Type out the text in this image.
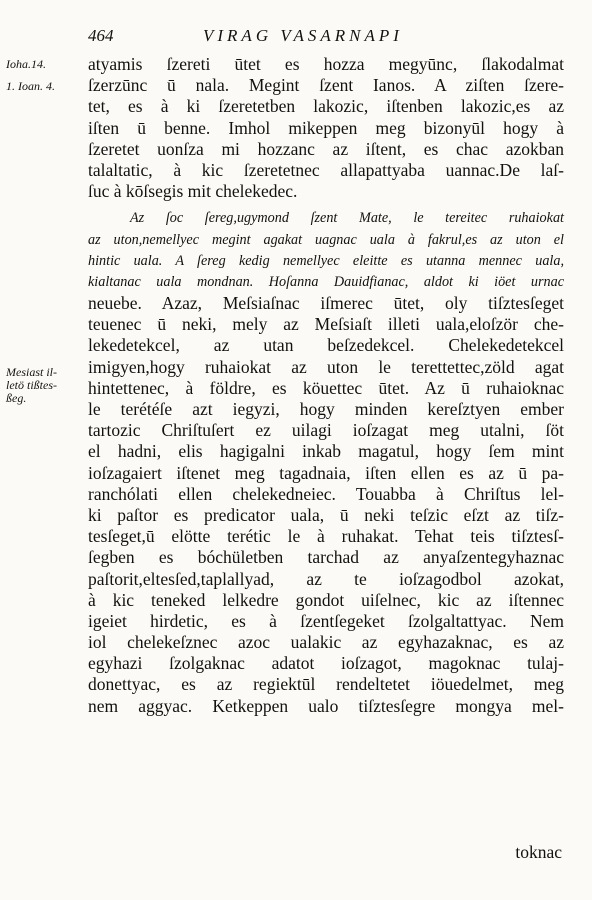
464	VIRAG VASARNAPI
Ioha.14.
1. Ioan. 4.
Mesiast il-
letö tißtes-
ßeg.
atyamis ſzereti ūtet es hozza megyūnc, ſlakodalmat
ſzerzūnc ū nala. Megint ſzent Ianos. A ziſten ſzere-
tet, es à ki ſzeretetben lakozic, iſtenben lakozic,es az
iſten ū benne. Imhol mikeppen meg bizonyūl hogy à
ſzeretet uonſza mi hozzanc az iſtent, es chac azokban
talaltatic, à kic ſzeretetnec allapattyaba uannac.De laſ-
ſuc à kōſsegis mit chelekedec.
Az ſoc ſereg,ugymond ſzent Mate, le tereitec ruhaiokat
az uton,nemellyec megint agakat uagnac uala à fakrul,es az uton el
hintic uala. A ſereg kedig nemellyec eleitte es utanna mennec uala,
kialtanac uala mondnan. Hoſanna Dauidfianac, aldot ki iöet urnac
neuebe. Azaz, Meſsiaſnac iſmerec ūtet, oly tiſztesſeget
teuenec ū neki, mely az Meſsiaſt illeti uala,eloſzör che-
lekedetekcel, az utan beſzedekcel. Chelekedetekcel
imigyen,hogy ruhaiokat az uton le terettettec,zöld agat
hintettenec, à földre, es köuettec ūtet. Az ū ruhaioknac
le terétéſe azt iegyzi, hogy minden kereſztyen ember
tartozic Chriſtuſert ez uilagi ioſzagat meg utalni, ſöt
el hadni, elis hagigalni inkab magatul, hogy ſem mint
ioſzagaiert iſtenet meg tagadnaia, iſten ellen es az ū pa-
ranchólati ellen chelekedneiec. Touabba à Chriſtus lel-
ki paſtor es predicator uala, ū neki teſzic eſzt az tiſz-
tesſeget,ū elötte terétic le à ruhakat. Tehat teis tiſztesſ-
ſegben es bóchületben tarchad az anyaſzentegyhaznac
paſtorit,eltesſed,taplallyad, az te ioſzagodbol azokat,
à kic teneked lelkedre gondot uiſelnec, kic az iſtennec
igeiet hirdetic, es à ſzentſegeket ſzolgaltattyac. Nem
iol chelekeſznec azoc ualakic az egyhazaknac, es az
egyhazi ſzolgaknac adatot ioſzagot, magoknac tulaj-
donettyac, es az regiektūl rendeltetet iöuedelmet, meg
nem aggyac. Ketkeppen ualo tiſztesſegre mongya mel-
toknac
